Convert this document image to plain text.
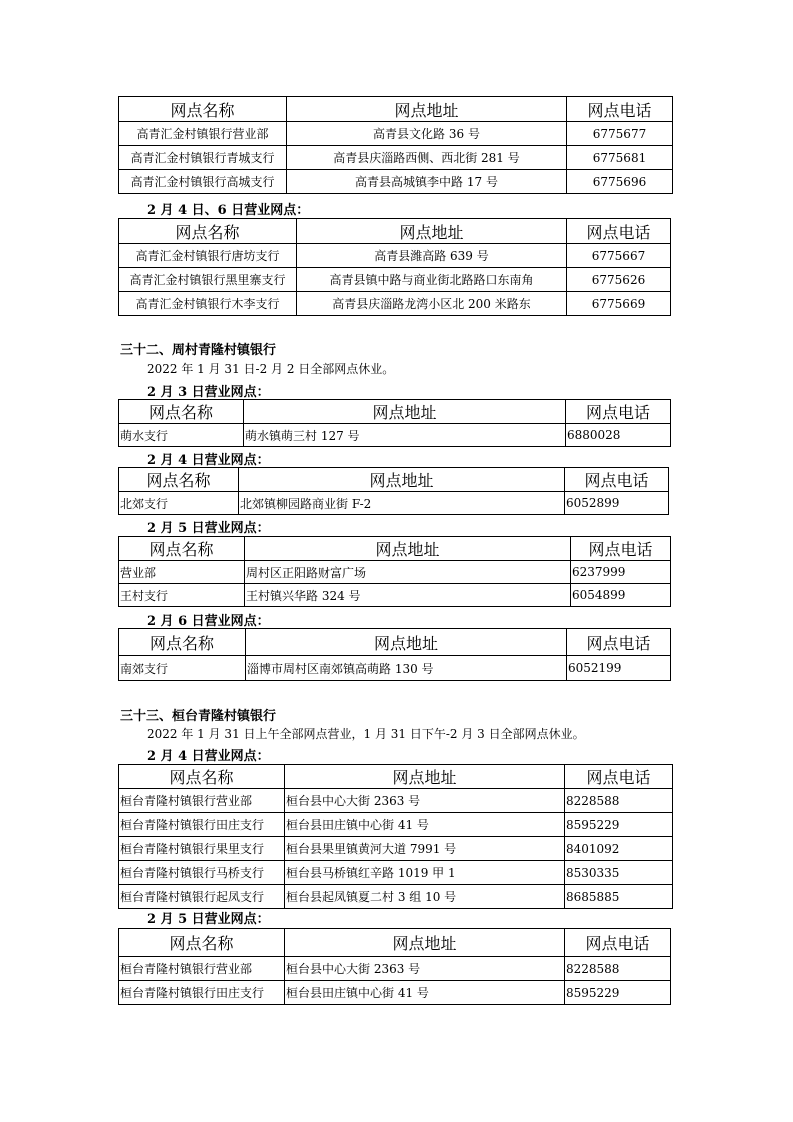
网点名称	网点地址	网点电话
高青汇金村镇银行营业部	高青县文化路 36 号	6775677
高青汇金村镇银行青城支行	高青县庆淄路西侧、西北街 281 号	6775681
高青汇金村镇银行高城支行	高青县高城镇李中路 17 号	6775696
2 月 4 日、6 日营业网点：
网点名称	网点地址	网点电话
高青汇金村镇银行唐坊支行	高青县潍高路 639 号	6775667
高青汇金村镇银行黑里寨支行	高青县镇中路与商业街北路路口东南角	6775626
高青汇金村镇银行木李支行	高青县庆淄路龙湾小区北 200 米路东	6775669
三十二、周村青隆村镇银行
2022 年 1 月 31 日-2 月 2 日全部网点休业。
2 月 3 日营业网点：
网点名称	网点地址	网点电话
萌水支行	萌水镇萌三村 127 号	6880028
2 月 4 日营业网点：
网点名称	网点地址	网点电话
北郊支行	北郊镇柳园路商业街 F-2	6052899
2 月 5 日营业网点：
网点名称	网点地址	网点电话
营业部	周村区正阳路财富广场	6237999
王村支行	王村镇兴华路 324 号	6054899
2 月 6 日营业网点：
网点名称	网点地址	网点电话
南郊支行	淄博市周村区南郊镇高萌路 130 号	6052199
三十三、桓台青隆村镇银行
2022 年 1 月 31 日上午全部网点营业，1 月 31 日下午-2 月 3 日全部网点休业。
2 月 4 日营业网点：
网点名称	网点地址	网点电话
桓台青隆村镇银行营业部	桓台县中心大街 2363 号	8228588
桓台青隆村镇银行田庄支行	桓台县田庄镇中心街 41 号	8595229
桓台青隆村镇银行果里支行	桓台县果里镇黄河大道 7991 号	8401092
桓台青隆村镇银行马桥支行	桓台县马桥镇红辛路 1019 甲 1	8530335
桓台青隆村镇银行起凤支行	桓台县起凤镇夏二村 3 组 10 号	8685885
2 月 5 日营业网点：
网点名称	网点地址	网点电话
桓台青隆村镇银行营业部	桓台县中心大街 2363 号	8228588
桓台青隆村镇银行田庄支行	桓台县田庄镇中心街 41 号	8595229
